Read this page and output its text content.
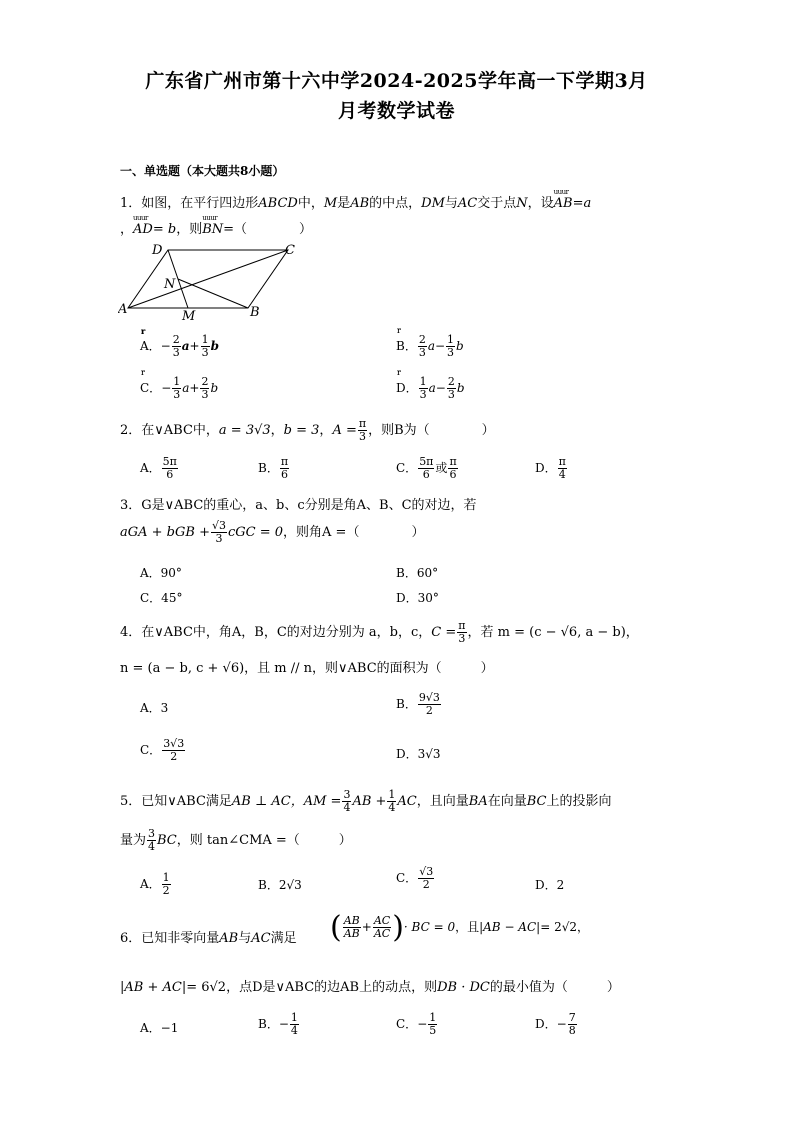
广东省广州市第十六中学2024-2025学年高一下学期3月
月考数学试卷
一、单选题（本大题共8小题）
1．如图，在平行四边形ABCD中，M是AB的中点，DM与AC交于点N，设uuur AB=a
，uuur AD= b，则uuur BN=（　　　　）
A	B
C
D
M
N
A．− $\frac{2}{3}$ r $a+ \frac{1}{3}$ r b	B． $\frac{2}{3}$ r $a- \frac{1}{3}$ r b
C．− $\frac{1}{3}$ r $a+ \frac{2}{3}$ r b	D． $\frac{1}{3}$ r $a- \frac{2}{3}$ r b
2．在∨ABC中，a = 3√3，b = 3，$A = \frac{\pi}{3}$ ，则B为（　　　　）
A． $\frac{5\pi}{6}$	B． $\frac{\pi}{6}$	C． $\frac{5\pi}{6}$ 或 $\frac{\pi}{6}$	D． $\frac{\pi}{4}$
3．G是∨ABC的重心，a、b、c分别是角A、B、C的对边，若
aGA + bGB + $\frac{√3}{3}$ cGC = 0，则角A =（　　　　）
A．90°	B．60°
C．45°	D．30°
4．在∨ABC中，角A，B，C的对边分别为 a，b，c，$C = \frac{\pi}{3}$ ，若 m = (c − √6, a − b)，
n = (a − b, c + √6)，且 m // n，则∨ABC的面积为（　　　）
A．3	B． $\frac{9√3}{2}$
C． $\frac{3√3}{2}$	D．3√3
5．已知∨ABC满足AB ⊥ AC，AM = $\frac{3}{4}$ AB + $\frac{1}{4}$ AC，且向量BA在向量BC上的投影向
量为 $\frac{3}{4}$ BC，则 tan∠CMA =（　　　）
A． $\frac{1}{2}$	B．2√3	C． $\frac{√3}{2}$	D．2
6．已知非零向量AB与AC满足 ( $\frac{AB}{AB} + \frac{AC}{AC}$ )· BC = 0，且|AB − AC|= 2√2，
|AB + AC|= 6√2，点D是∨ABC的边AB上的动点，则DB · DC的最小值为（　　　）
A．−1	B．− $\frac{1}{4}$	C．− $\frac{1}{5}$	D．− $\frac{7}{8}$
